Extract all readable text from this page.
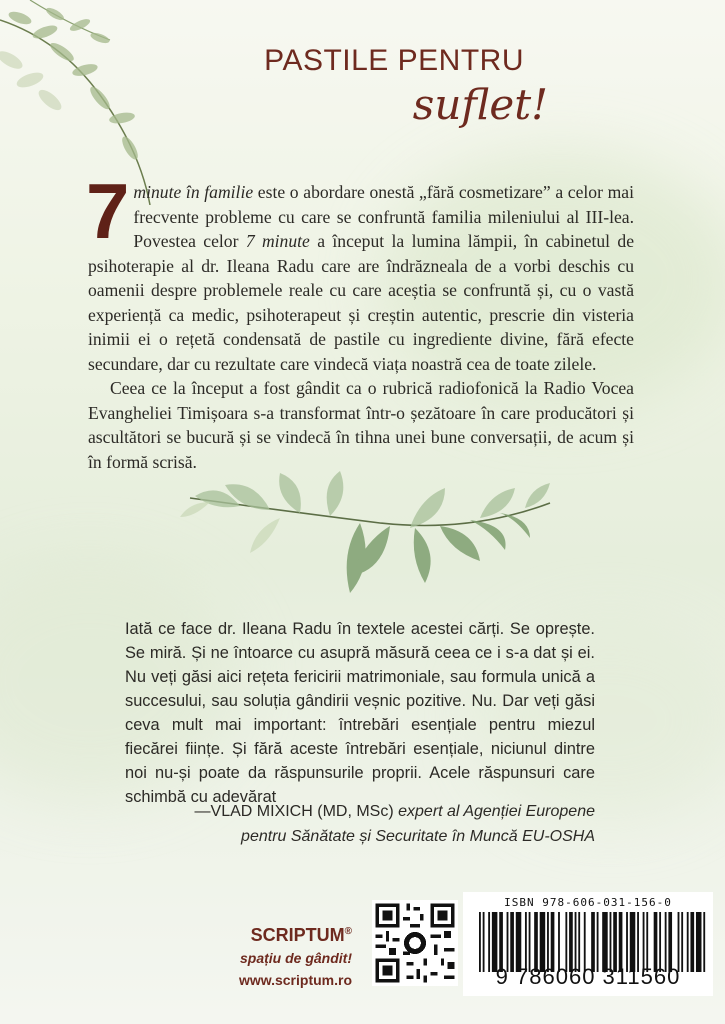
PASTILE PENTRU
suflet!

7 minute în familie este o abordare onestă „fără cosmetizare” a celor mai frecvente probleme cu care se confruntă familia mileniului al III-lea. Povestea celor 7 minute a început la lumina lămpii, în cabinetul de psihoterapie al dr. Ileana Radu care are îndrăzneala de a vorbi deschis cu oamenii despre problemele reale cu care aceștia se confruntă și, cu o vastă experiență ca medic, psihoterapeut și creștin autentic, prescrie din visteria inimii ei o rețetă condensată de pastile cu ingrediente divine, fără efecte secundare, dar cu rezultate care vindecă viața noastră cea de toate zilele.

Ceea ce la început a fost gândit ca o rubrică radiofonică la Radio Vocea Evangheliei Timișoara s-a transformat într-o șezătoare în care producători și ascultători se bucură și se vindecă în tihna unei bune conversații, de acum și în formă scrisă.

Iată ce face dr. Ileana Radu în textele acestei cărți. Se oprește. Se miră. Și ne întoarce cu asupră măsură ceea ce i s-a dat și ei. Nu veți găsi aici rețeta fericirii matrimoniale, sau formula unică a succesului, sau soluția gândirii veșnic pozitive. Nu. Dar veți găsi ceva mult mai important: întrebări esențiale pentru miezul fiecărei ființe. Și fără aceste întrebări esențiale, niciunul dintre noi nu-și poate da răspunsurile proprii. Acele răspunsuri care schimbă cu adevărat

—VLAD MIXICH (MD, MSc) expert al Agenției Europene
pentru Sănătate și Securitate în Muncă EU-OSHA
SCRIPTUM®
spațiu de gândit!
www.scriptum.ro
ISBN 978-606-031-156-0
9 786060 311560
